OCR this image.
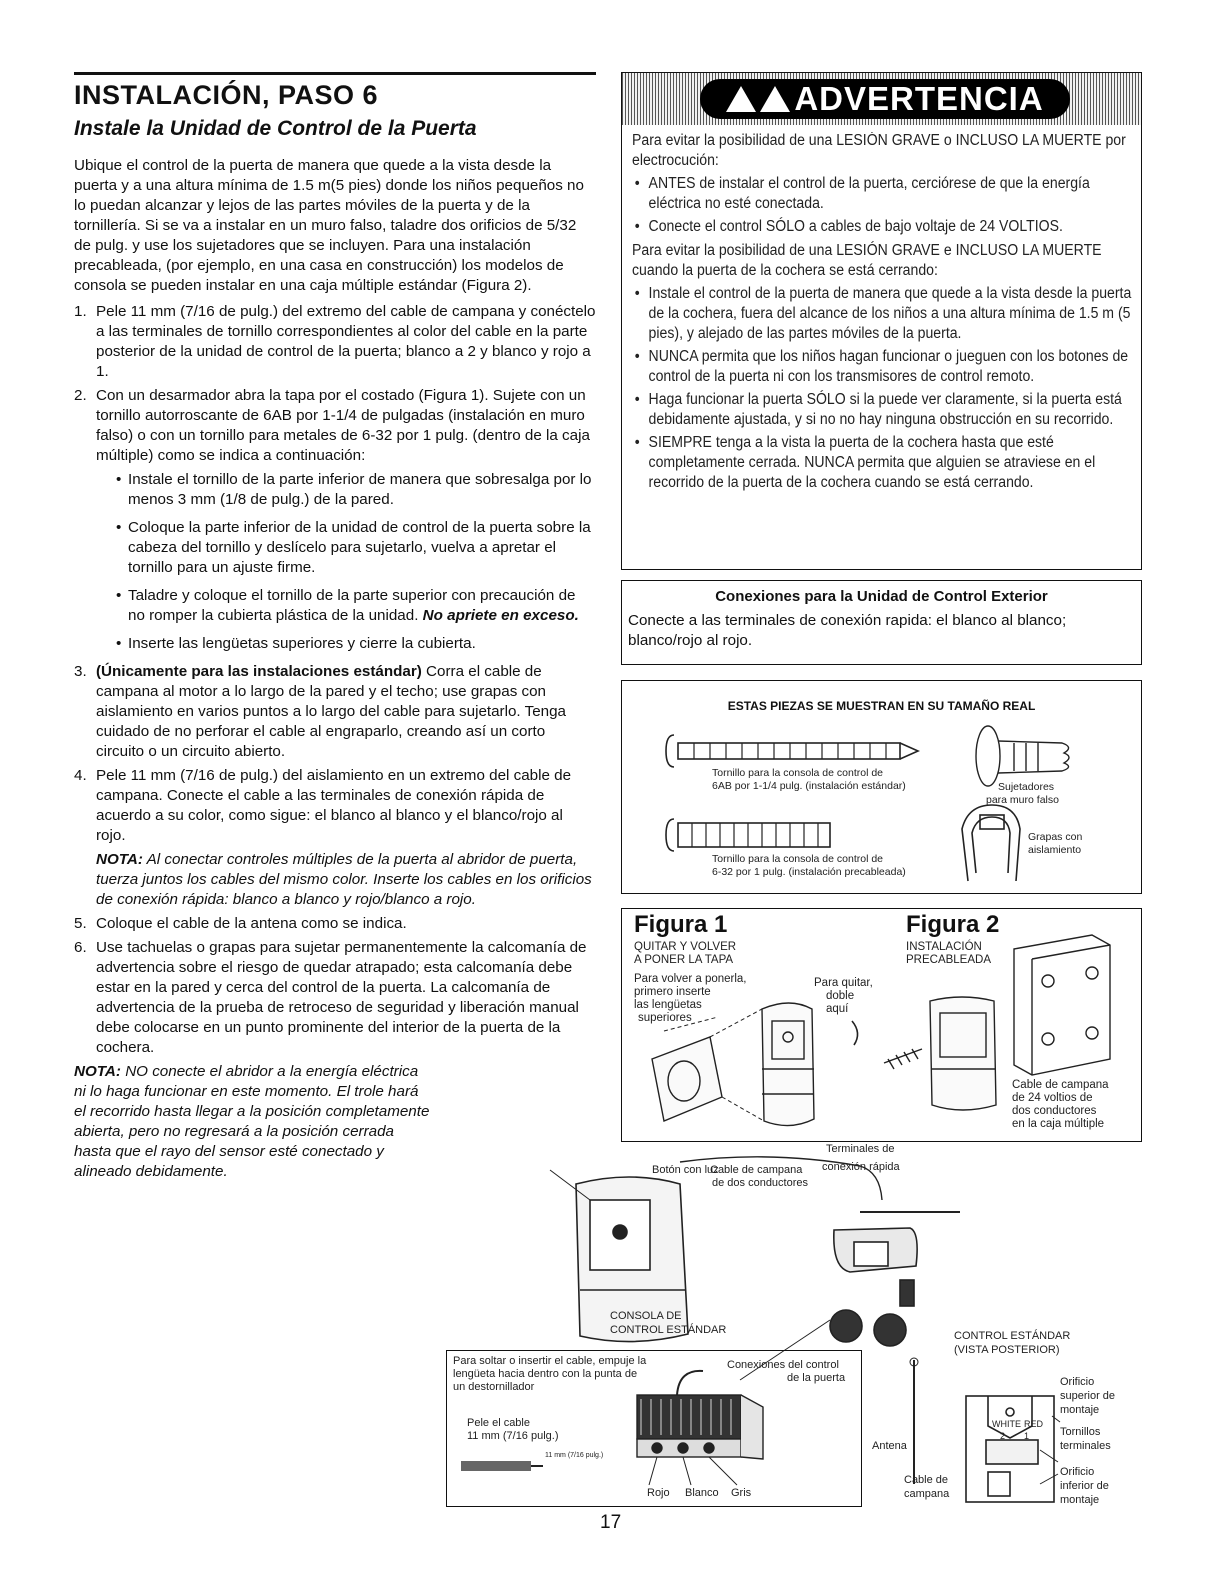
INSTALACIÓN, PASO 6
Instale la Unidad de Control de la Puerta

Ubique el control de la puerta de manera que quede a la vista desde la puerta y a una altura mínima de 1.5 m(5 pies) donde los niños pequeños no lo puedan alcanzar y lejos de las partes móviles de la puerta y de la tornillería. Si se va a instalar en un muro falso, taladre dos orificios de 5/32 de pulg. y use los sujetadores que se incluyen. Para una instalación precableada, (por ejemplo, en una casa en construcción) los modelos de consola se pueden instalar en una caja múltiple estándar (Figura 2).

1. Pele 11 mm (7/16 de pulg.) del extremo del cable de campana y conéctelo a las terminales de tornillo correspondientes al color del cable en la parte posterior de la unidad de control de la puerta; blanco a 2 y blanco y rojo a 1.
2. Con un desarmador abra la tapa por el costado (Figura 1). Sujete con un tornillo autorroscante de 6AB por 1-1/4 de pulgadas (instalación en muro falso) o con un tornillo para metales de 6-32 por 1 pulg. (dentro de la caja múltiple) como se indica a continuación:
• Instale el tornillo de la parte inferior de manera que sobresalga por lo menos 3 mm (1/8 de pulg.) de la pared.
• Coloque la parte inferior de la unidad de control de la puerta sobre la cabeza del tornillo y deslícelo para sujetarlo, vuelva a apretar el tornillo para un ajuste firme.
• Taladre y coloque el tornillo de la parte superior con precaución de no romper la cubierta plástica de la unidad. No apriete en exceso.
• Inserte las lengüetas superiores y cierre la cubierta.
3. (Únicamente para las instalaciones estándar) Corra el cable de campana al motor a lo largo de la pared y el techo; use grapas con aislamiento en varios puntos a lo largo del cable para sujetarlo. Tenga cuidado de no perforar el cable al engraparlo, creando así un corto circuito o un circuito abierto.
4. Pele 11 mm (7/16 de pulg.) del aislamiento en un extremo del cable de campana. Conecte el cable a las terminales de conexión rápida de acuerdo a su color, como sigue: el blanco al blanco y el blanco/rojo al rojo.
NOTA: Al conectar controles múltiples de la puerta al abridor de puerta, tuerza juntos los cables del mismo color. Inserte los cables en los orificios de conexión rápida: blanco a blanco y rojo/blanco a rojo.
5. Coloque el cable de la antena como se indica.
6. Use tachuelas o grapas para sujetar permanentemente la calcomanía de advertencia sobre el riesgo de quedar atrapado; esta calcomanía debe estar en la pared y cerca del control de la puerta. La calcomanía de advertencia de la prueba de retroceso de seguridad y liberación manual debe colocarse en un punto prominente del interior de la puerta de la cochera.
NOTA: NO conecte el abridor a la energía eléctrica ni lo haga funcionar en este momento. El trole hará el recorrido hasta llegar a la posición completamente abierta, pero no regresará a la posición cerrada hasta que el rayo del sensor esté conectado y alineado debidamente.
ADVERTENCIA

Para evitar la posibilidad de una LESIÓN GRAVE o INCLUSO LA MUERTE por electrocución:

• ANTES de instalar el control de la puerta, cerciórese de que la energía eléctrica no esté conectada.
• Conecte el control SÓLO a cables de bajo voltaje de 24 VOLTIOS.

Para evitar la posibilidad de una LESIÓN GRAVE e INCLUSO LA MUERTE cuando la puerta de la cochera se está cerrando:

• Instale el control de la puerta de manera que quede a la vista desde la puerta de la cochera, fuera del alcance de los niños a una altura mínima de 1.5 m (5 pies), y alejado de las partes móviles de la puerta.
• NUNCA permita que los niños hagan funcionar o jueguen con los botones de control de la puerta ni con los transmisores de control remoto.
• Haga funcionar la puerta SÓLO si la puede ver claramente, si la puerta está debidamente ajustada, y si no no hay ninguna obstrucción en su recorrido.
• SIEMPRE tenga a la vista la puerta de la cochera hasta que esté completamente cerrada. NUNCA permita que alguien se atraviese en el recorrido de la puerta de la cochera cuando se está cerrando.
Conexiones para la Unidad de Control Exterior
Conecte a las terminales de conexión rapida: el blanco al blanco; blanco/rojo al rojo.
ESTAS PIEZAS SE MUESTRAN EN SU TAMAÑO REAL
Tornillo para la consola de control de
6AB por 1-1/4 pulg. (instalación estándar)
Tornillo para la consola de control de
6-32 por 1 pulg. (instalación precableada)
Sujetadores
para muro falso
Grapas con
aislamiento
Figura 1
QUITAR Y VOLVER
A PONER LA TAPA
Para volver a ponerla,
primero inserte
las lengüetas
superiores
Para quitar,
doble
aquí
Figura 2
INSTALACIÓN
PRECABLEADA
Cable de campana
de 24 voltios de
dos conductores
en la caja múltiple
Botón con luz
Cable de campana
de dos conductores
Terminales de
conexión rápida
CONSOLA DE
CONTROL ESTÁNDAR	CONTROL ESTÁNDAR
(VISTA POSTERIOR)
Orificio
superior de
montaje
Tornillos
terminales
Orificio
inferior de
montaje
Antena
Cable de
campana
WHITE RED
2 1
Para soltar o insertir el cable, empuje la
lengüeta hacia dentro con la punta de
un destornillador
Pele el cable
11 mm (7/16 pulg.)
11 mm (7/16 pulg.)
Conexiones del control
de la puerta
Rojo Blanco Gris
17
